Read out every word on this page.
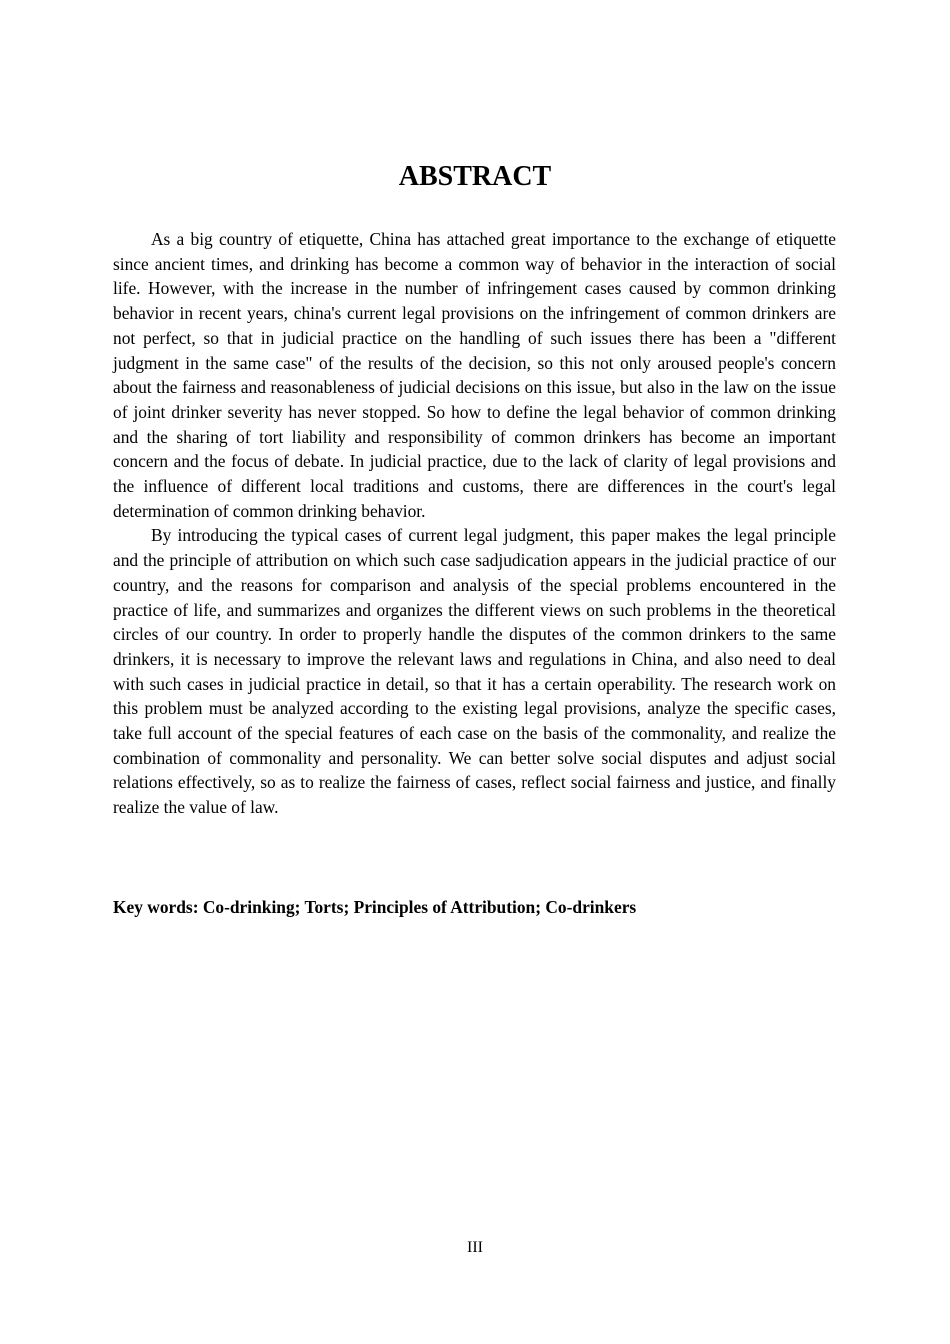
ABSTRACT

As a big country of etiquette, China has attached great importance to the exchange of etiquette since ancient times, and drinking has become a common way of behavior in the interaction of social life. However, with the increase in the number of infringement cases caused by common drinking behavior in recent years, china's current legal provisions on the infringement of common drinkers are not perfect, so that in judicial practice on the handling of such issues there has been a "different judgment in the same case" of the results of the decision, so this not only aroused people's concern about the fairness and reasonableness of judicial decisions on this issue, but also in the law on the issue of joint drinker severity has never stopped. So how to define the legal behavior of common drinking and the sharing of tort liability and responsibility of common drinkers has become an important concern and the focus of debate. In judicial practice, due to the lack of clarity of legal provisions and the influence of different local traditions and customs, there are differences in the court's legal determination of common drinking behavior.

By introducing the typical cases of current legal judgment, this paper makes the legal principle and the principle of attribution on which such case sadjudication appears in the judicial practice of our country, and the reasons for comparison and analysis of the special problems encountered in the practice of life, and summarizes and organizes the different views on such problems in the theoretical circles of our country. In order to properly handle the disputes of the common drinkers to the same drinkers, it is necessary to improve the relevant laws and regulations in China, and also need to deal with such cases in judicial practice in detail, so that it has a certain operability. The research work on this problem must be analyzed according to the existing legal provisions, analyze the specific cases, take full account of the special features of each case on the basis of the commonality, and realize the combination of commonality and personality. We can better solve social disputes and adjust social relations effectively, so as to realize the fairness of cases, reflect social fairness and justice, and finally realize the value of law.

Key words: Co-drinking; Torts; Principles of Attribution; Co-drinkers

III
